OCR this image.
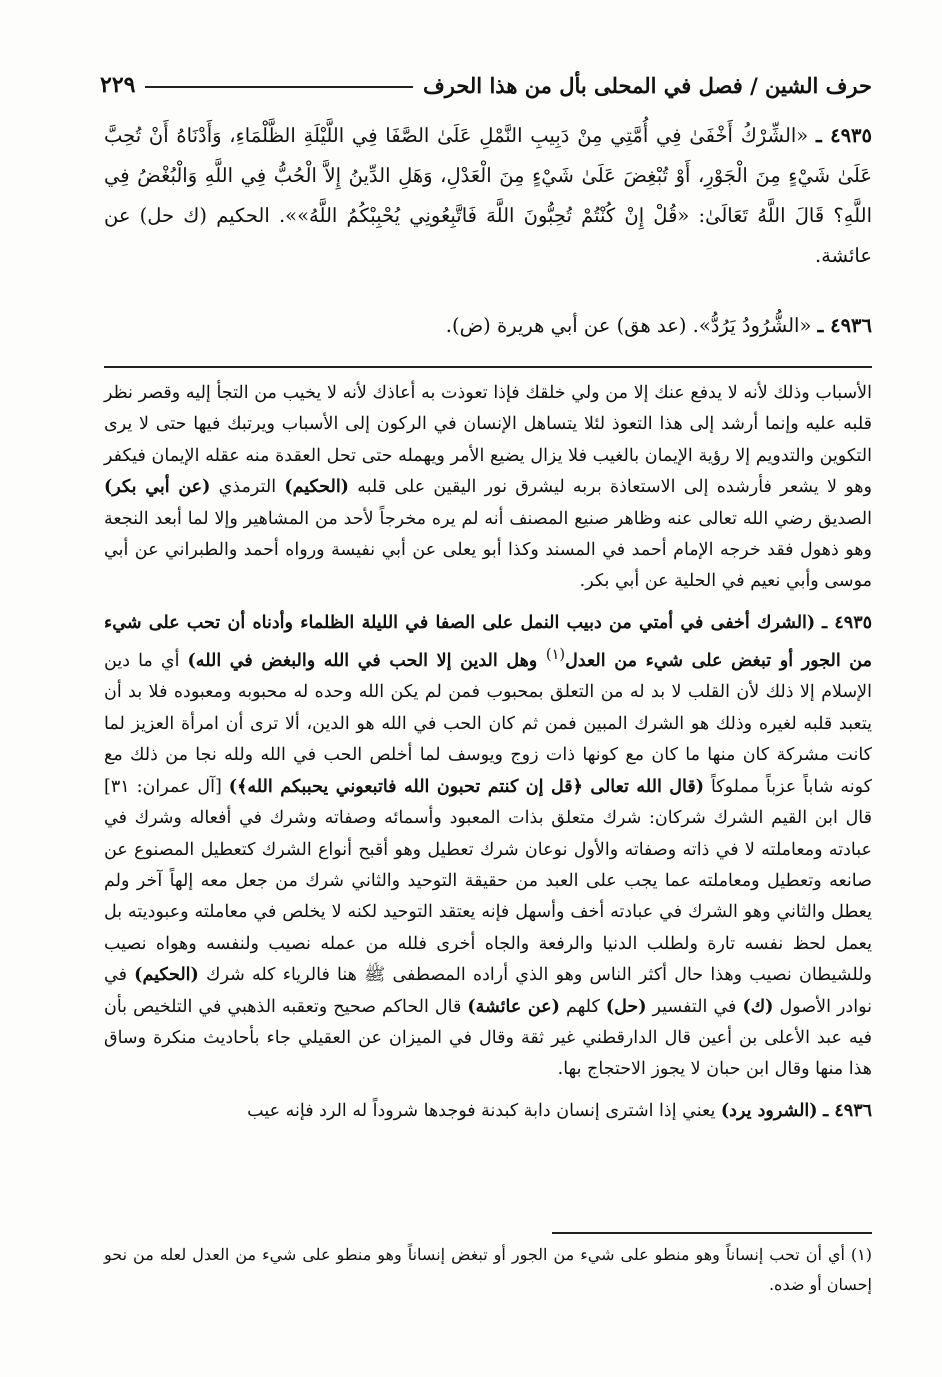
حرف الشين / فصل في المحلى بأل من هذا الحرف
٢٢٩
٤٩٣٥ ـ «الشِّرْكُ أَخْفَىٰ فِي أُمَّتِي مِنْ دَبِيبِ النَّمْلِ عَلَىٰ الصَّفَا فِي اللَّيْلَةِ الظَّلْمَاءِ، وَأَدْنَاهُ أَنْ تُحِبَّ عَلَىٰ شَيْءٍ مِنَ الْجَوْرِ، أَوْ تُبْغِضَ عَلَىٰ شَيْءٍ مِنَ الْعَدْلِ، وَهَلِ الدِّينُ إِلاَّ الْحُبُّ فِي اللَّهِ وَالْبُغْضُ فِي اللَّهِ؟ قَالَ اللَّهُ تَعَالَىٰ: «قُلْ إِنْ كُنْتُمْ تُحِبُّونَ اللَّهَ فَاتَّبِعُونِي يُحْبِبْكُمُ اللَّهُ»». الحكيم (ك حل) عن عائشة.
٤٩٣٦ ـ «الشُّرُودُ يَرُدُّ». (عد هق) عن أبي هريرة (ض).

الأسباب وذلك لأنه لا يدفع عنك إلا من ولي خلقك فإذا تعوذت به أعاذك لأنه لا يخيب من التجأ إليه وقصر نظر قلبه عليه وإنما أرشد إلى هذا التعوذ لئلا يتساهل الإنسان في الركون إلى الأسباب ويرتبك فيها حتى لا يرى التكوين والتدويم إلا رؤية الإيمان بالغيب فلا يزال يضيع الأمر ويهمله حتى تحل العقدة منه عقله الإيمان فيكفر وهو لا يشعر فأرشده إلى الاستعاذة بربه ليشرق نور اليقين على قلبه (الحكيم) الترمذي (عن أبي بكر) الصديق رضي الله تعالى عنه وظاهر صنيع المصنف أنه لم يره مخرجاً لأحد من المشاهير وإلا لما أبعد النجعة وهو ذهول فقد خرجه الإمام أحمد في المسند وكذا أبو يعلى عن أبي نفيسة ورواه أحمد والطبراني عن أبي موسى وأبي نعيم في الحلية عن أبي بكر.

٤٩٣٥ ـ (الشرك أخفى في أمتي من دبيب النمل على الصفا في الليلة الظلماء وأدناه أن تحب على شيء من الجور أو تبغض على شيء من العدل$^{(١)}$ وهل الدين إلا الحب في الله والبغض في الله) أي ما دين الإسلام إلا ذلك لأن القلب لا بد له من التعلق بمحبوب فمن لم يكن الله وحده له محبوبه ومعبوده فلا بد أن يتعبد قلبه لغيره وذلك هو الشرك المبين فمن ثم كان الحب في الله هو الدين، ألا ترى أن امرأة العزيز لما كانت مشركة كان منها ما كان مع كونها ذات زوج ويوسف لما أخلص الحب في الله ولله نجا من ذلك مع كونه شاباً عزباً مملوكاً (قال الله تعالى ﴿قل إن كنتم تحبون الله فاتبعوني يحببكم الله﴾) [آل عمران: ٣١] قال ابن القيم الشرك شركان: شرك متعلق بذات المعبود وأسمائه وصفاته وشرك في أفعاله وشرك في عبادته ومعاملته لا في ذاته وصفاته والأول نوعان شرك تعطيل وهو أقبح أنواع الشرك كتعطيل المصنوع عن صانعه وتعطيل ومعاملته عما يجب على العبد من حقيقة التوحيد والثاني شرك من جعل معه إلهاً آخر ولم يعطل والثاني وهو الشرك في عبادته أخف وأسهل فإنه يعتقد التوحيد لكنه لا يخلص في معاملته وعبوديته بل يعمل لحظ نفسه تارة ولطلب الدنيا والرفعة والجاه أخرى فلله من عمله نصيب ولنفسه وهواه نصيب وللشيطان نصيب وهذا حال أكثر الناس وهو الذي أراده المصطفى ﷺ هنا فالرياء كله شرك (الحكيم) في نوادر الأصول (ك) في التفسير (حل) كلهم (عن عائشة) قال الحاكم صحيح وتعقبه الذهبي في التلخيص بأن فيه عبد الأعلى بن أعين قال الدارقطني غير ثقة وقال في الميزان عن العقيلي جاء بأحاديث منكرة وساق هذا منها وقال ابن حبان لا يجوز الاحتجاج بها.

٤٩٣٦ ـ (الشرود يرد) يعني إذا اشترى إنسان دابة كبدنة فوجدها شروداً له الرد فإنه عيب

(١) أي أن تحب إنساناً وهو منطو على شيء من الجور أو تبغض إنساناً وهو منطو على شيء من العدل لعله من نحو إحسان أو ضده.
